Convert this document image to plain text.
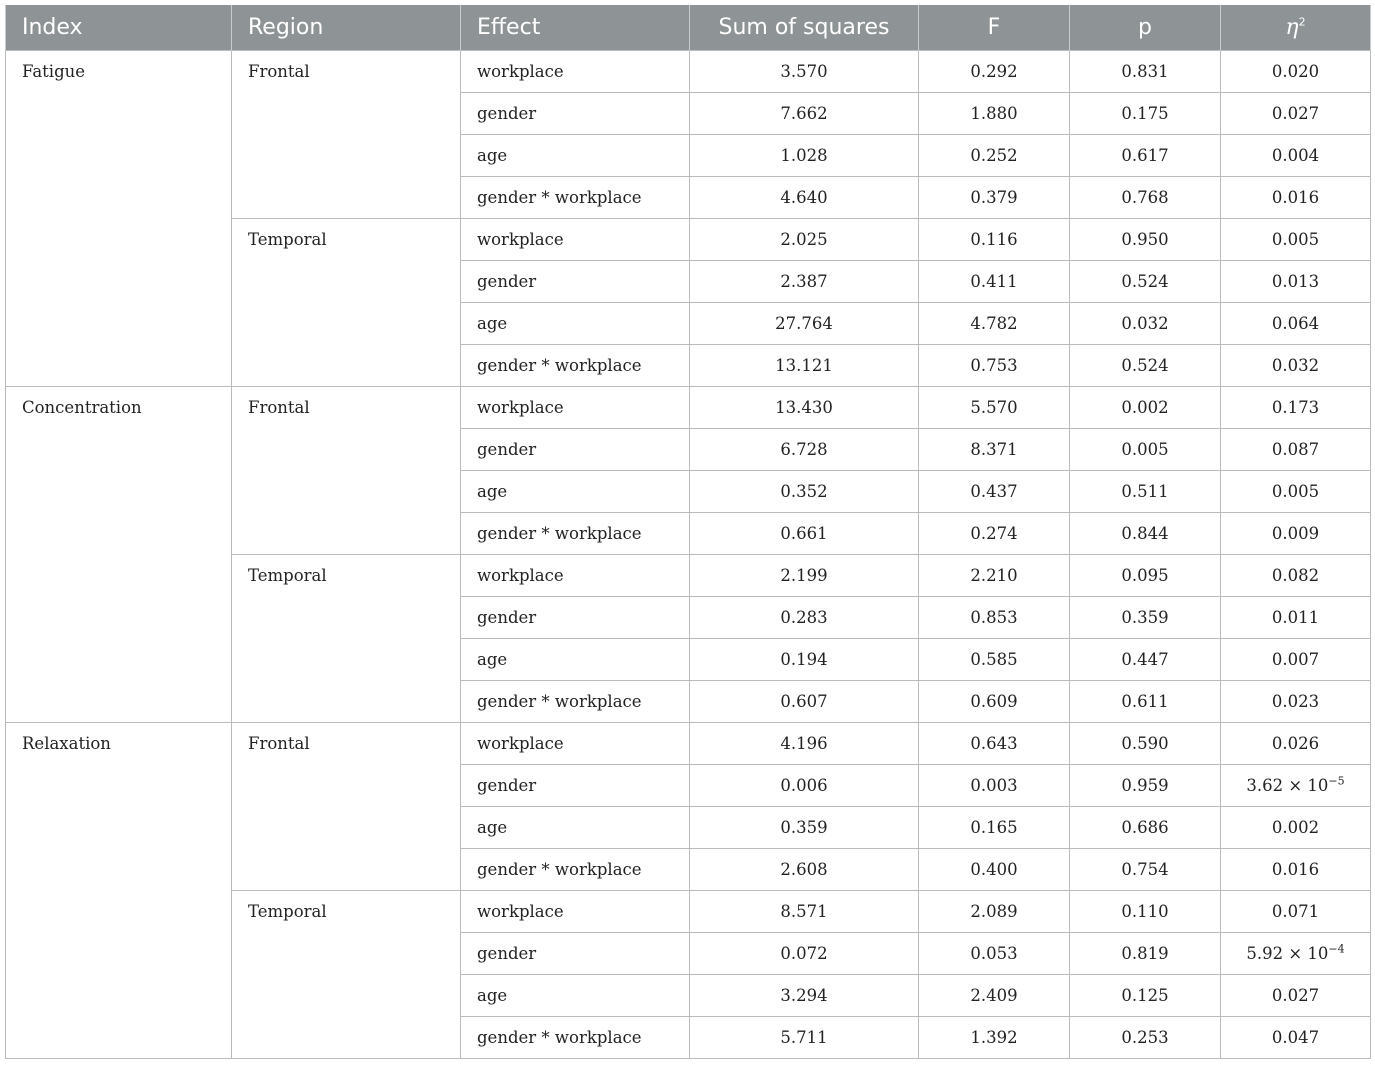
Index	Region	Effect	Sum of squares	F	p	$\eta^2$
Fatigue	Frontal	workplace	3.570	0.292	0.831	0.020
		gender	7.662	1.880	0.175	0.027
		age	1.028	0.252	0.617	0.004
		gender * workplace	4.640	0.379	0.768	0.016
	Temporal	workplace	2.025	0.116	0.950	0.005
		gender	2.387	0.411	0.524	0.013
		age	27.764	4.782	0.032	0.064
		gender * workplace	13.121	0.753	0.524	0.032
Concentration	Frontal	workplace	13.430	5.570	0.002	0.173
		gender	6.728	8.371	0.005	0.087
		age	0.352	0.437	0.511	0.005
		gender * workplace	0.661	0.274	0.844	0.009
	Temporal	workplace	2.199	2.210	0.095	0.082
		gender	0.283	0.853	0.359	0.011
		age	0.194	0.585	0.447	0.007
		gender * workplace	0.607	0.609	0.611	0.023
Relaxation	Frontal	workplace	4.196	0.643	0.590	0.026
		gender	0.006	0.003	0.959	$3.62 \times 10^{-5}$
		age	0.359	0.165	0.686	0.002
		gender * workplace	2.608	0.400	0.754	0.016
	Temporal	workplace	8.571	2.089	0.110	0.071
		gender	0.072	0.053	0.819	$5.92 \times 10^{-4}$
		age	3.294	2.409	0.125	0.027
		gender * workplace	5.711	1.392	0.253	0.047
